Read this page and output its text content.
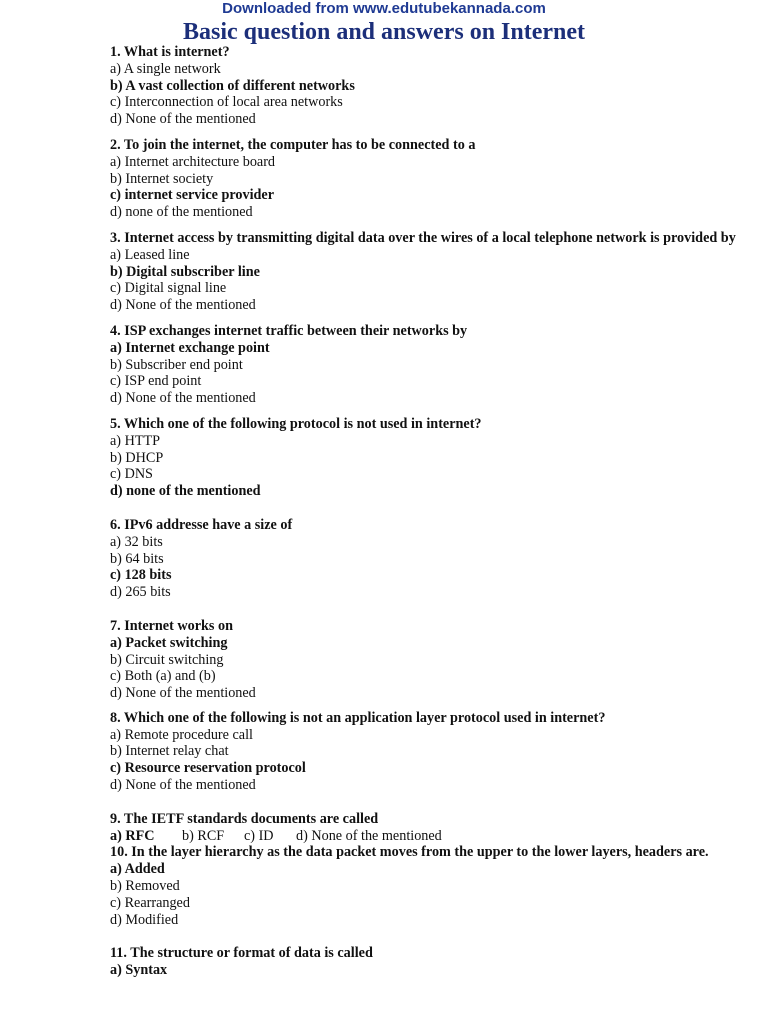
Downloaded from www.edutubekannada.com
Basic question and answers on Internet

1. What is internet?

a) A single network

b) A vast collection of different networks

c) Interconnection of local area networks

d) None of the mentioned

2. To join the internet, the computer has to be connected to a

a) Internet architecture board

b) Internet society

c) internet service provider

d) none of the mentioned

3. Internet access by transmitting digital data over the wires of a local telephone network is provided by

a) Leased line

b) Digital subscriber line

c) Digital signal line

d) None of the mentioned

4. ISP exchanges internet traffic between their networks by

a) Internet exchange point

b) Subscriber end point

c) ISP end point

d) None of the mentioned

5. Which one of the following protocol is not used in internet?

a) HTTP

b) DHCP

c) DNS

d) none of the mentioned

6. IPv6 addresse have a size of

a) 32 bits

b) 64 bits

c) 128 bits

d) 265 bits

7. Internet works on

a) Packet switching

b) Circuit switching

c) Both (a) and (b)

d) None of the mentioned

8. Which one of the following is not an application layer protocol used in internet?

a) Remote procedure call

b) Internet relay chat

c) Resource reservation protocol

d) None of the mentioned

9. The IETF standards documents are called

a) RFC	b) RCF	c) ID	d) None of the mentioned

10. In the layer hierarchy as the data packet moves from the upper to the lower layers, headers are.

a) Added

b) Removed

c) Rearranged

d) Modified

11. The structure or format of data is called

a) Syntax
